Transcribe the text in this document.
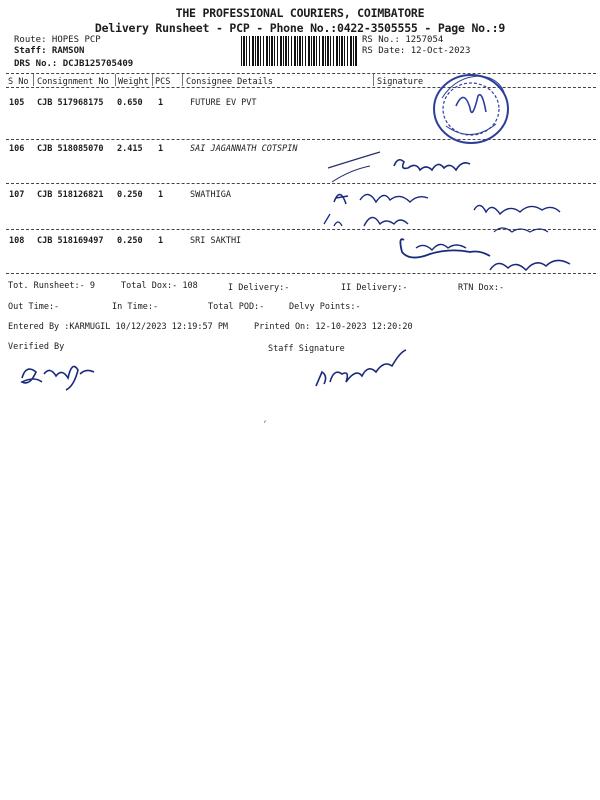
THE PROFESSIONAL COURIERS, COIMBATORE
Delivery Runsheet - PCP - Phone No.:0422-3505555 - Page No.:9
Route: HOPES PCP
Staff: RAMSON
DRS No.: DCJB125705409
RS No.: 1257054
RS Date: 12-Oct-2023
S No Consignment No Weight PCS Consignee Details	Signature
105 CJB 517968175 0.650 1	FUTURE EV PVT
106 CJB 518085070 2.415 1	SAI JAGANNATH COTSPIN
107 CJB 518126821 0.250 1	SWATHIGA
108 CJB 518169497 0.250 1	SRI SAKTHI
Tot. Runsheet:- 9	Total Dox:- 108	I Delivery:-	II Delivery:-	RTN Dox:-
Out Time:-	In Time:-	Total POD:-	Delvy Points:-
Entered By :KARMUGIL 10/12/2023 12:19:57 PM	Printed On: 12-10-2023 12:20:20
Verified By	Staff Signature
ʼ
